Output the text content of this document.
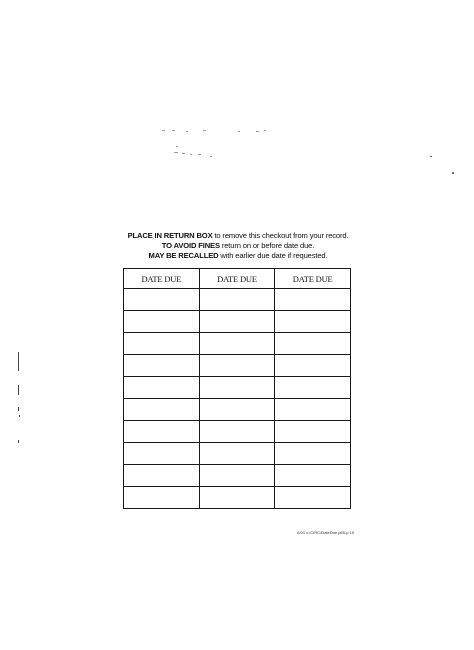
PLACE IN RETURN BOX to remove this checkout from your record.
TO AVOID FINES return on or before date due.
MAY BE RECALLED with earlier due date if requested.
DATE DUE	DATE DUE	DATE DUE

6/01 c:/CIRC/DateDue.p65-p.15
